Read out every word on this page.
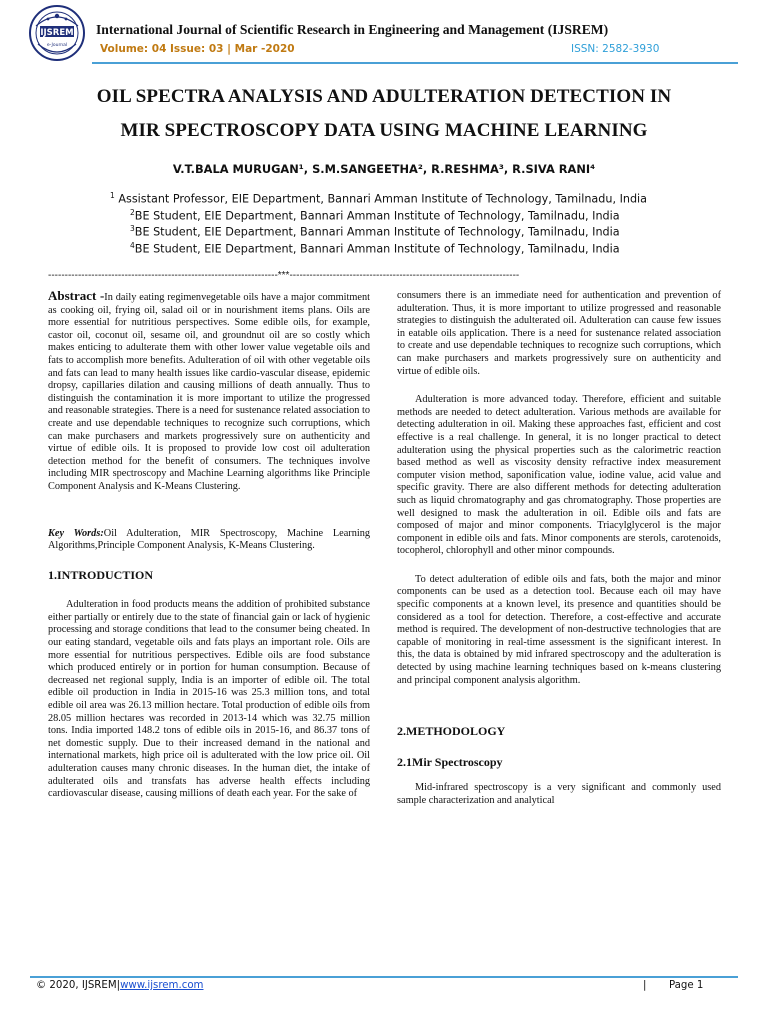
IJSREM
e-Journal
International Journal of Scientific Research in Engineering and Management (IJSREM)
Volume: 04 Issue: 03 | Mar -2020	ISSN: 2582-3930
OIL SPECTRA ANALYSIS AND ADULTERATION DETECTION IN
MIR SPECTROSCOPY DATA USING MACHINE LEARNING
V.T.BALA MURUGAN¹, S.M.SANGEETHA², R.RESHMA³, R.SIVA RANI⁴
$^1$ Assistant Professor, EIE Department, Bannari Amman Institute of Technology, Tamilnadu, India
$^2$BE Student, EIE Department, Bannari Amman Institute of Technology, Tamilnadu, India
$^3$BE Student, EIE Department, Bannari Amman Institute of Technology, Tamilnadu, India
$^4$BE Student, EIE Department, Bannari Amman Institute of Technology, Tamilnadu, India
---------------------------------------------------------------------***---------------------------------------------------------------------

Abstract -In daily eating regimenvegetable oils have a major commitment as cooking oil, frying oil, salad oil or in nourishment items plans. Oils are more essential for nutritious perspectives. Some edible oils, for example, castor oil, coconut oil, sesame oil, and groundnut oil are so costly which makes enticing to adulterate them with other lower value vegetable oils and fats to accomplish more benefits. Adulteration of oil with other vegetable oils and fats can lead to many health issues like cardio-vascular disease, epidemic dropsy, capillaries dilation and causing millions of death annually. Thus to distinguish the contamination it is more important to utilize the progressed and reasonable strategies. There is a need for sustenance related association to create and use dependable techniques to recognize such corruptions, which can make purchasers and markets progressively sure on authenticity and virtue of edible oils. It is proposed to provide low cost oil adulteration detection method for the benefit of consumers. The techniques involve including MIR spectroscopy and Machine Learning algorithms like Principle Component Analysis and K-Means Clustering.

Key Words:Oil Adulteration, MIR Spectroscopy, Machine Learning Algorithms,Principle Component Analysis, K-Means Clustering.

1.INTRODUCTION

Adulteration in food products means the addition of prohibited substance either partially or entirely due to the state of financial gain or lack of hygienic processing and storage conditions that lead to the consumer being cheated. In our eating standard, vegetable oils and fats plays an important role. Oils are more essential for nutritious perspectives. Edible oils are food substance which produced entirely or in portion for human consumption. Because of decreased net regional supply, India is an importer of edible oil. The total edible oil production in India in 2015-16 was 25.3 million tons, and total edible oil area was 26.13 million hectare. Total production of edible oils from 28.05 million hectares was recorded in 2013-14 which was 32.75 million tons. India imported 148.2 tons of edible oils in 2015-16, and 86.37 tons of net domestic supply. Due to their increased demand in the national and international markets, high price oil is adulterated with the low price oil. Oil adulteration causes many chronic diseases. In the human diet, the intake of adulterated oils and transfats has adverse health effects including cardiovascular disease, causing millions of death each year. For the sake of

consumers there is an immediate need for authentication and prevention of adulteration. Thus, it is more important to utilize progressed and reasonable strategies to distinguish the adulterated oil. Adulteration can cause few issues in eatable oils application. There is a need for sustenance related association to create and use dependable techniques to recognize such corruptions, which can make purchasers and markets progressively sure on authenticity and virtue of edible oils.

Adulteration is more advanced today. Therefore, efficient and suitable methods are needed to detect adulteration. Various methods are available for detecting adulteration in oil. Making these approaches fast, efficient and cost effective is a real challenge. In general, it is no longer practical to detect adulteration using the physical properties such as the calorimetric reaction based method as well as viscosity density refractive index measurement computer vision method, saponification value, iodine value, acid value and specific gravity. There are also different methods for detecting adulteration such as liquid chromatography and gas chromatography. Those properties are well designed to mask the adulteration in oil. Edible oils and fats are composed of major and minor components. Triacylglycerol is the major component in edible oils and fats. Minor components are sterols, carotenoids, tocopherol, chlorophyll and other minor compounds.

To detect adulteration of edible oils and fats, both the major and minor components can be used as a detection tool. Because each oil may have specific components at a known level, its presence and quantities should be considered as a tool for detection. Therefore, a cost-effective and accurate method is required. The development of non-destructive technologies that are capable of monitoring in real-time assessment is the significant interest. In this, the data is obtained by mid infrared spectroscopy and the adulteration is detected by using machine learning techniques based on k-means clustering and principal component analysis algorithm.

2.METHODOLOGY

2.1Mir Spectroscopy

Mid-infrared spectroscopy is a very significant and commonly used sample characterization and analytical

© 2020, IJSREM|www.ijsrem.com	| Page 1
